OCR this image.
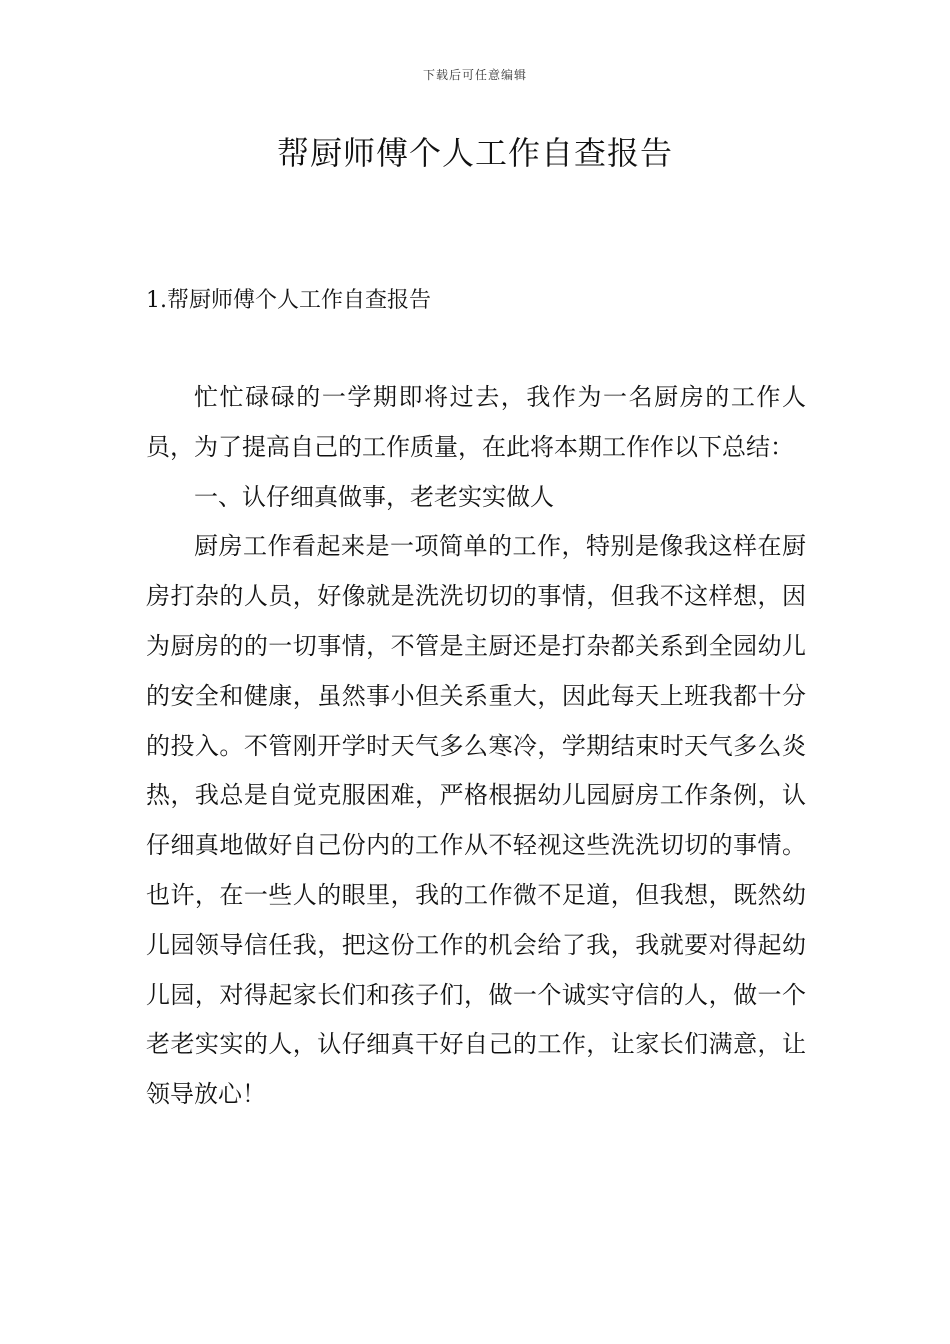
下载后可任意编辑
帮厨师傅个人工作自查报告
1.帮厨师傅个人工作自查报告

忙忙碌碌的一学期即将过去，我作为一名厨房的工作人员，为了提高自己的工作质量，在此将本期工作作以下总结：

一、认仔细真做事，老老实实做人

厨房工作看起来是一项简单的工作，特别是像我这样在厨房打杂的人员，好像就是洗洗切切的事情，但我不这样想，因为厨房的的一切事情，不管是主厨还是打杂都关系到全园幼儿的安全和健康，虽然事小但关系重大，因此每天上班我都十分的投入。不管刚开学时天气多么寒冷，学期结束时天气多么炎热，我总是自觉克服困难，严格根据幼儿园厨房工作条例，认仔细真地做好自己份内的工作从不轻视这些洗洗切切的事情。也许，在一些人的眼里，我的工作微不足道，但我想，既然幼儿园领导信任我，把这份工作的机会给了我，我就要对得起幼儿园，对得起家长们和孩子们，做一个诚实守信的人，做一个老老实实的人，认仔细真干好自己的工作，让家长们满意，让领导放心！
